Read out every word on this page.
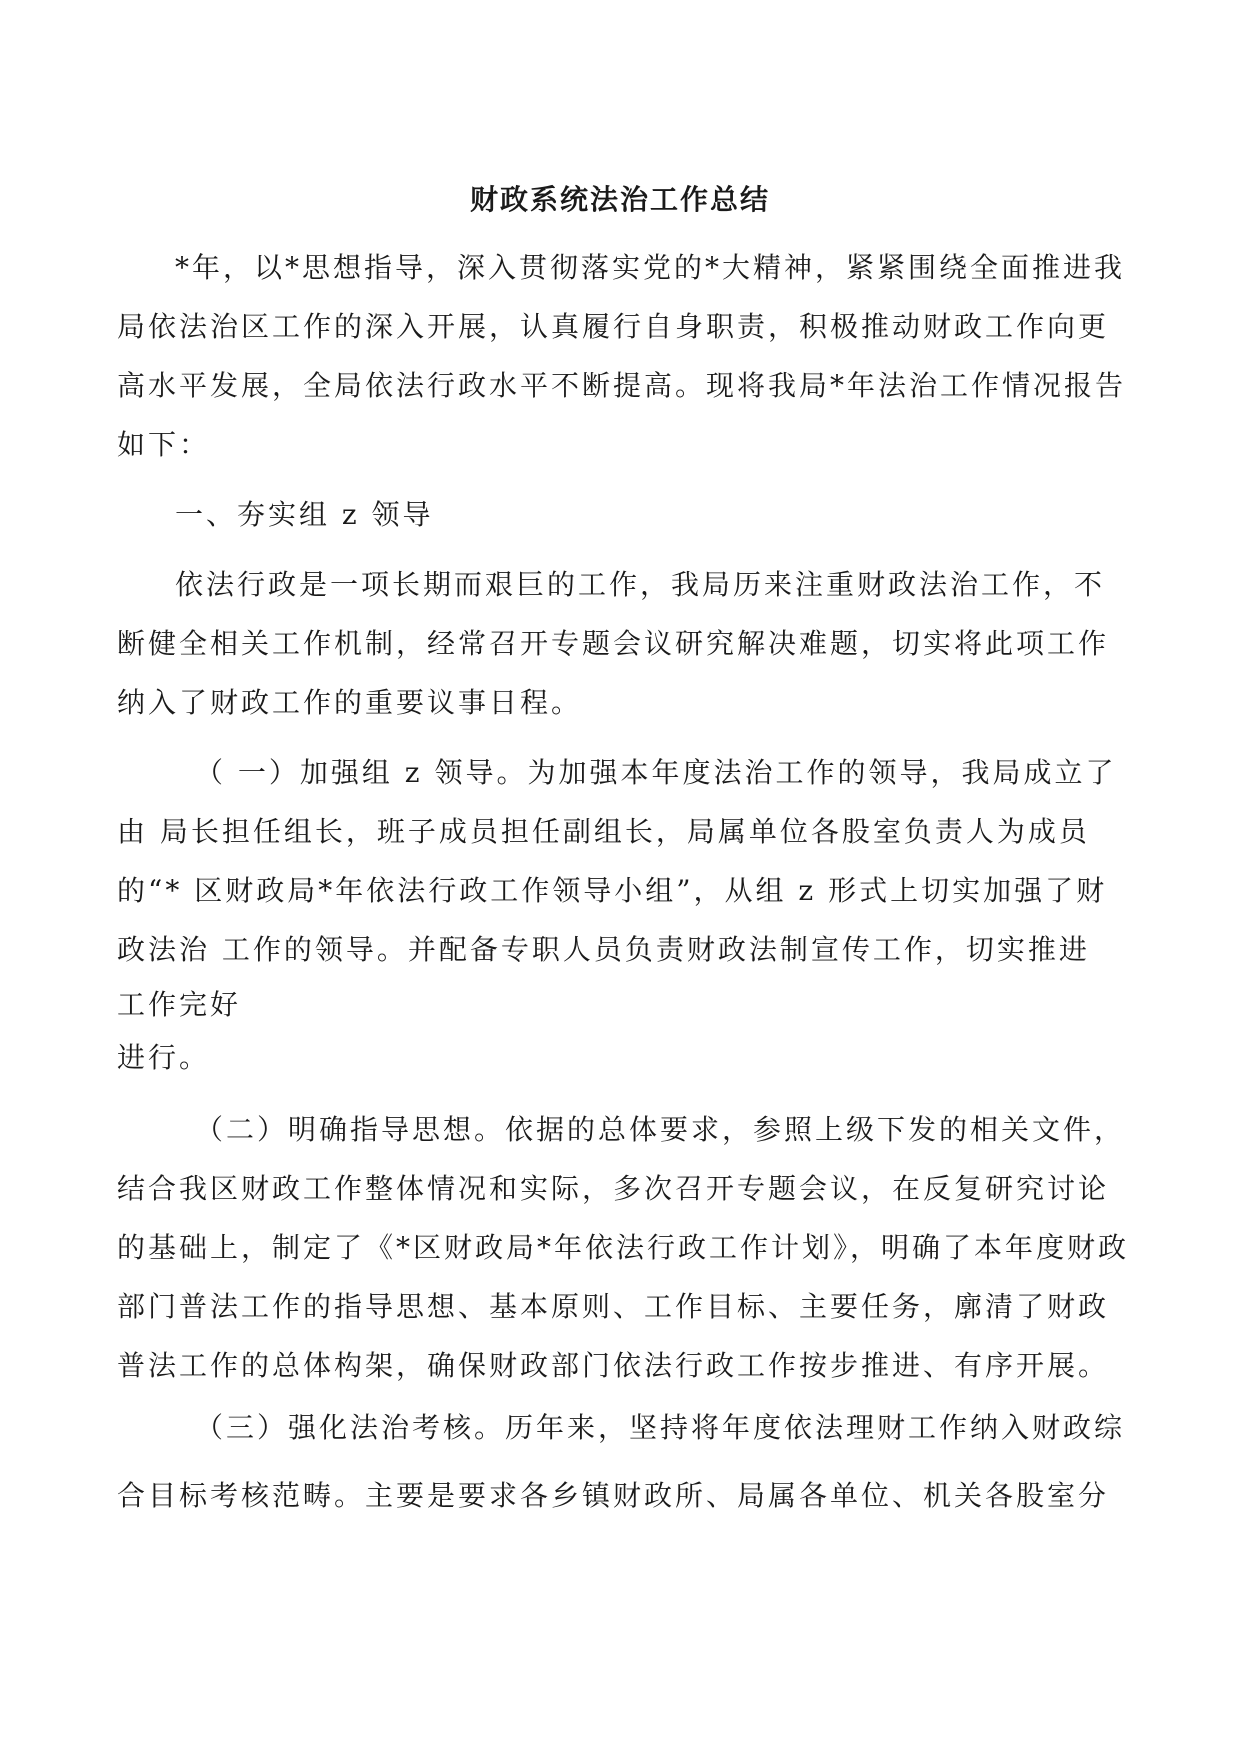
财政系统法治工作总结
*年，以*思想指导，深入贯彻落实党的*大精神，紧紧围绕全面推进我
局依法治区工作的深入开展，认真履行自身职责，积极推动财政工作向更
高水平发展，全局依法行政水平不断提高。现将我局*年法治工作情况报告
如下：
一、夯实组 z 领导
依法行政是一项长期而艰巨的工作，我局历来注重财政法治工作，不
断健全相关工作机制，经常召开专题会议研究解决难题，切实将此项工作
纳入了财政工作的重要议事日程。
（ 一）加强组 z 领导。为加强本年度法治工作的领导，我局成立了
由 局长担任组长，班子成员担任副组长，局属单位各股室负责人为成员
的“* 区财政局*年依法行政工作领导小组”，从组 z 形式上切实加强了财
政法治 工作的领导。并配备专职人员负责财政法制宣传工作，切实推进
工作完好
进行。
（二）明确指导思想。依据的总体要求，参照上级下发的相关文件，
结合我区财政工作整体情况和实际，多次召开专题会议，在反复研究讨论
的基础上，制定了《*区财政局*年依法行政工作计划》，明确了本年度财政
部门普法工作的指导思想、基本原则、工作目标、主要任务，廓清了财政
普法工作的总体构架，确保财政部门依法行政工作按步推进、有序开展。
（三）强化法治考核。历年来，坚持将年度依法理财工作纳入财政综
合目标考核范畴。主要是要求各乡镇财政所、局属各单位、机关各股室分
